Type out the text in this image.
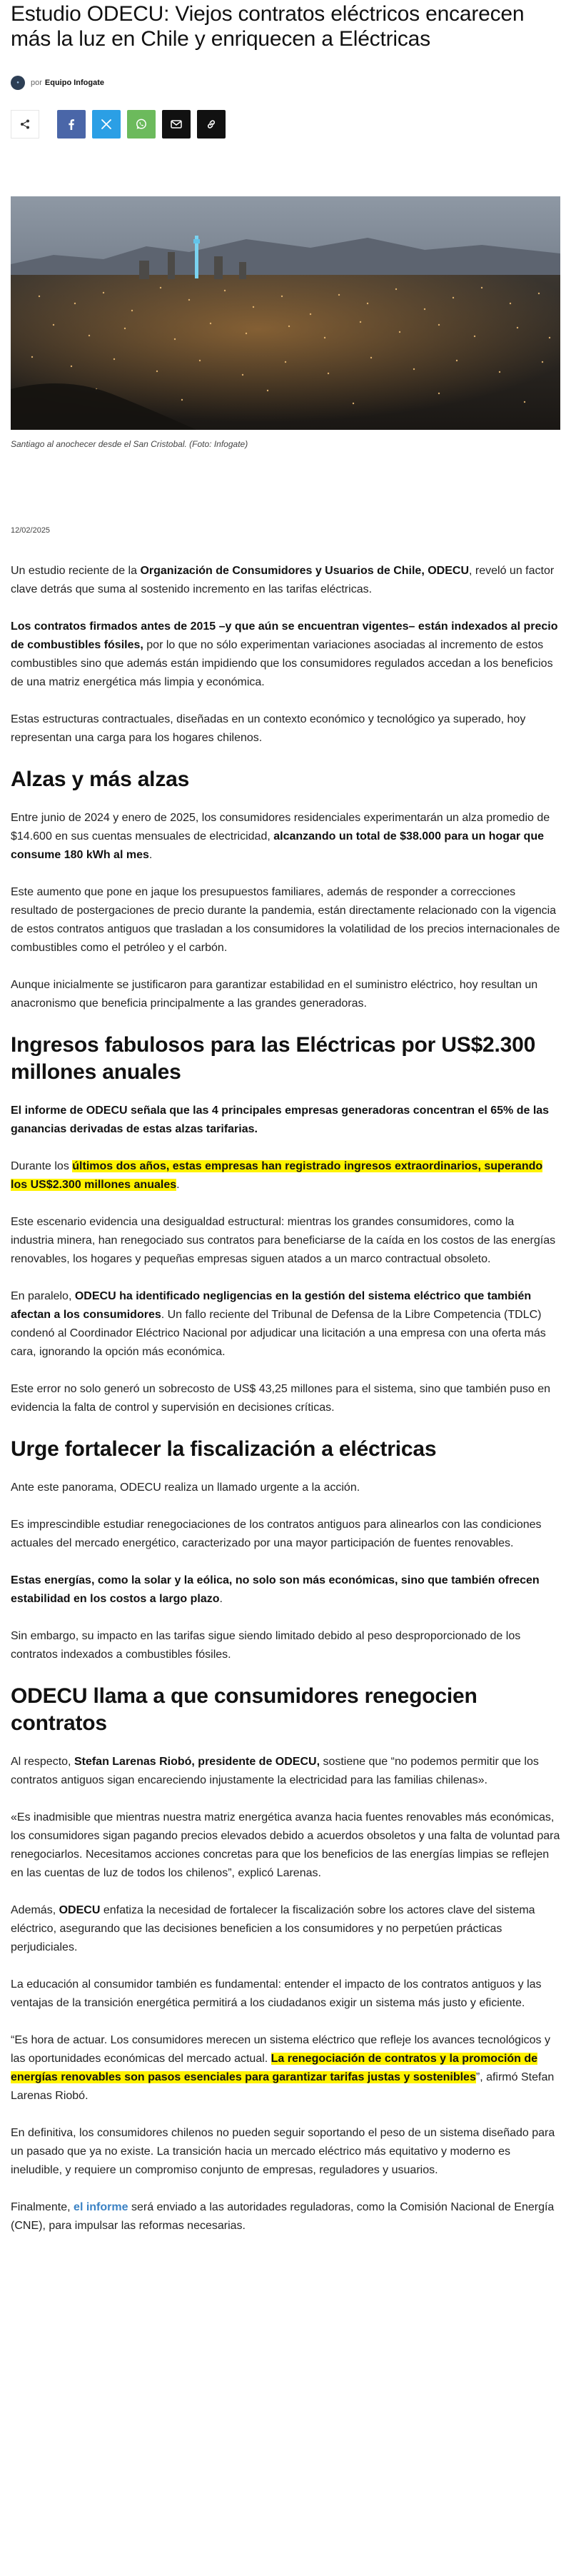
Estudio ODECU: Viejos contratos eléctricos encarecen más la luz en Chile y enriquecen a Eléctricas
● por Equipo Infogate

Santiago al anochecer desde el San Cristobal. (Foto: Infogate)

12/02/2025

Un estudio reciente de la Organización de Consumidores y Usuarios de Chile, ODECU, reveló un factor clave detrás que suma al sostenido incremento en las tarifas eléctricas.

Los contratos firmados antes de 2015 –y que aún se encuentran vigentes– están indexados al precio de combustibles fósiles, por lo que no sólo experimentan variaciones asociadas al incremento de estos combustibles sino que además están impidiendo que los consumidores regulados accedan a los beneficios de una matriz energética más limpia y económica.

Estas estructuras contractuales, diseñadas en un contexto económico y tecnológico ya superado, hoy representan una carga para los hogares chilenos.

Alzas y más alzas

Entre junio de 2024 y enero de 2025, los consumidores residenciales experimentarán un alza promedio de $14.600 en sus cuentas mensuales de electricidad, alcanzando un total de $38.000 para un hogar que consume 180 kWh al mes.

Este aumento que pone en jaque los presupuestos familiares, además de responder a correcciones resultado de postergaciones de precio durante la pandemia, están directamente relacionado con la vigencia de estos contratos antiguos que trasladan a los consumidores la volatilidad de los precios internacionales de combustibles como el petróleo y el carbón.

Aunque inicialmente se justificaron para garantizar estabilidad en el suministro eléctrico, hoy resultan un anacronismo que beneficia principalmente a las grandes generadoras.

Ingresos fabulosos para las Eléctricas por US$2.300 millones anuales

El informe de ODECU señala que las 4 principales empresas generadoras concentran el 65% de las ganancias derivadas de estas alzas tarifarias.

Durante los últimos dos años, estas empresas han registrado ingresos extraordinarios, superando los US$2.300 millones anuales.

Este escenario evidencia una desigualdad estructural: mientras los grandes consumidores, como la industria minera, han renegociado sus contratos para beneficiarse de la caída en los costos de las energías renovables, los hogares y pequeñas empresas siguen atados a un marco contractual obsoleto.

En paralelo, ODECU ha identificado negligencias en la gestión del sistema eléctrico que también afectan a los consumidores. Un fallo reciente del Tribunal de Defensa de la Libre Competencia (TDLC) condenó al Coordinador Eléctrico Nacional por adjudicar una licitación a una empresa con una oferta más cara, ignorando la opción más económica.

Este error no solo generó un sobrecosto de US$ 43,25 millones para el sistema, sino que también puso en evidencia la falta de control y supervisión en decisiones críticas.

Urge fortalecer la fiscalización a eléctricas

Ante este panorama, ODECU realiza un llamado urgente a la acción.

Es imprescindible estudiar renegociaciones de los contratos antiguos para alinearlos con las condiciones actuales del mercado energético, caracterizado por una mayor participación de fuentes renovables.

Estas energías, como la solar y la eólica, no solo son más económicas, sino que también ofrecen estabilidad en los costos a largo plazo.

Sin embargo, su impacto en las tarifas sigue siendo limitado debido al peso desproporcionado de los contratos indexados a combustibles fósiles.

ODECU llama a que consumidores renegocien contratos

Al respecto, Stefan Larenas Riobó, presidente de ODECU, sostiene que “no podemos permitir que los contratos antiguos sigan encareciendo injustamente la electricidad para las familias chilenas».

«Es inadmisible que mientras nuestra matriz energética avanza hacia fuentes renovables más económicas, los consumidores sigan pagando precios elevados debido a acuerdos obsoletos y una falta de voluntad para renegociarlos. Necesitamos acciones concretas para que los beneficios de las energías limpias se reflejen en las cuentas de luz de todos los chilenos”, explicó Larenas.

Además, ODECU enfatiza la necesidad de fortalecer la fiscalización sobre los actores clave del sistema eléctrico, asegurando que las decisiones beneficien a los consumidores y no perpetúen prácticas perjudiciales.

La educación al consumidor también es fundamental: entender el impacto de los contratos antiguos y las ventajas de la transición energética permitirá a los ciudadanos exigir un sistema más justo y eficiente.

“Es hora de actuar. Los consumidores merecen un sistema eléctrico que refleje los avances tecnológicos y las oportunidades económicas del mercado actual. La renegociación de contratos y la promoción de energías renovables son pasos esenciales para garantizar tarifas justas y sostenibles”, afirmó Stefan Larenas Riobó.

En definitiva, los consumidores chilenos no pueden seguir soportando el peso de un sistema diseñado para un pasado que ya no existe. La transición hacia un mercado eléctrico más equitativo y moderno es ineludible, y requiere un compromiso conjunto de empresas, reguladores y usuarios.

Finalmente, el informe será enviado a las autoridades reguladoras, como la Comisión Nacional de Energía (CNE), para impulsar las reformas necesarias.
